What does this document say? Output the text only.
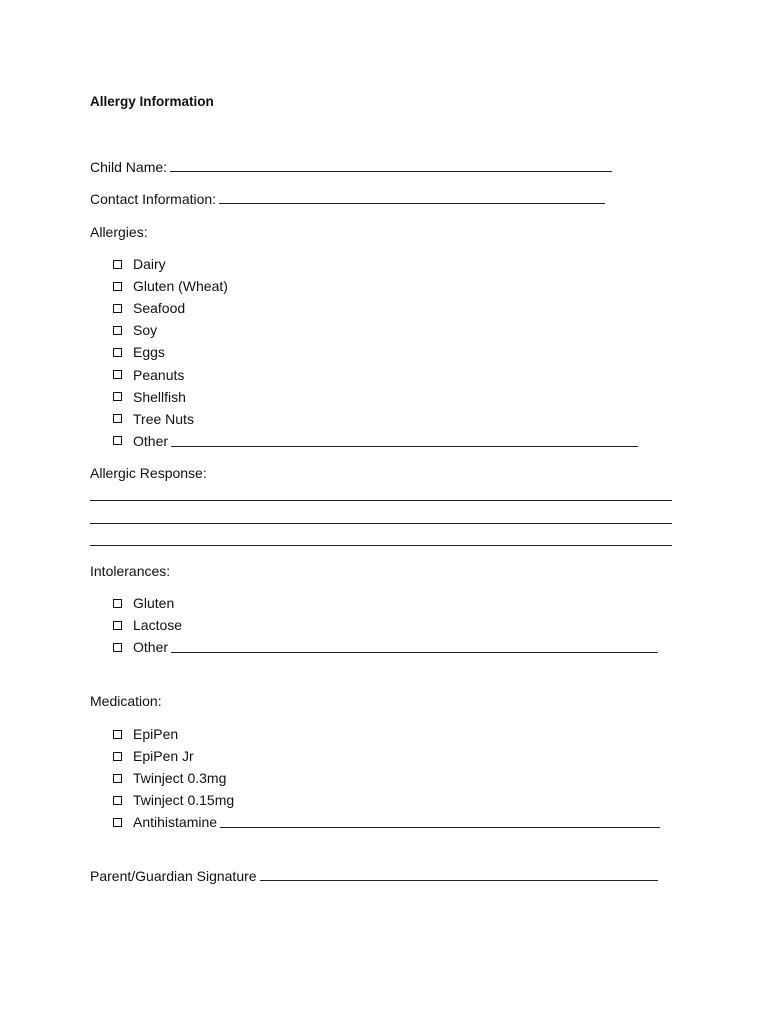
Allergy Information
Child Name:
Contact Information:
Allergies:
Dairy
Gluten (Wheat)
Seafood
Soy
Eggs
Peanuts
Shellfish
Tree Nuts
Other
Allergic Response:
Intolerances:
Gluten
Lactose
Other
Medication:
EpiPen
EpiPen Jr
Twinject 0.3mg
Twinject 0.15mg
Antihistamine
Parent/Guardian Signature
